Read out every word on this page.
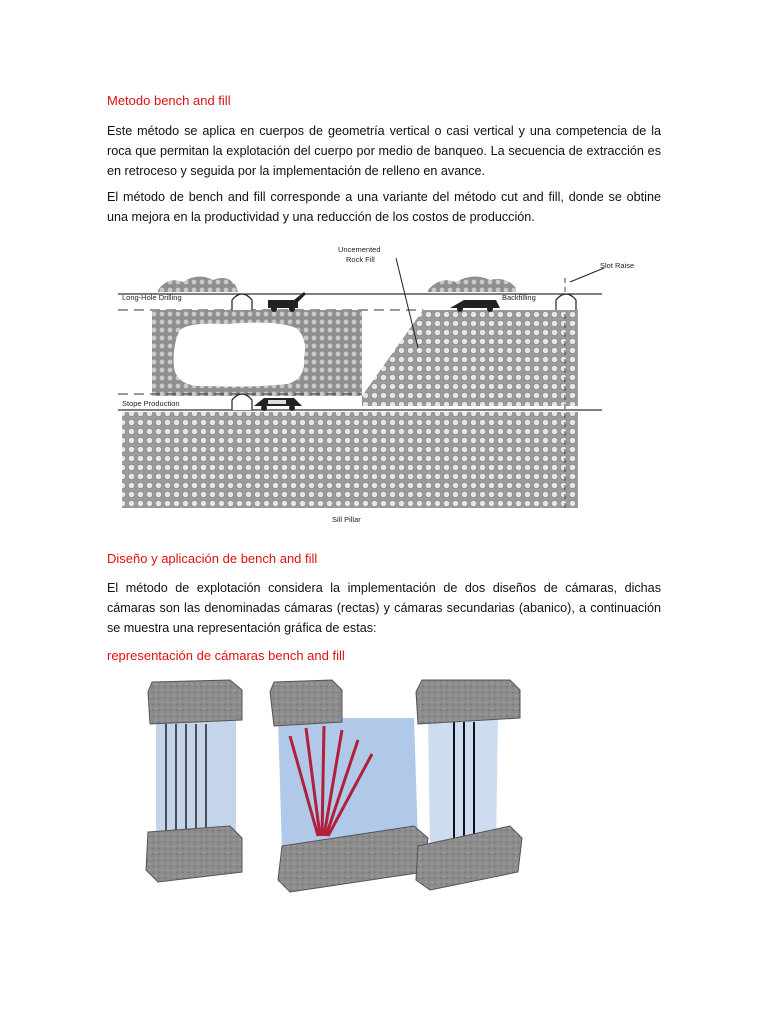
Metodo bench and fill

Este método se aplica en cuerpos de geometría vertical o casi vertical y una competencia de la roca que permitan la explotación del cuerpo por medio de banqueo. La secuencia de extracción es en retroceso y seguida por la implementación de relleno en avance.

El método de bench and fill corresponde a una variante del método cut and fill, donde se obtine una mejora en la productividad y una reducción de los costos de producción.

Uncemented
Rock Fill
Slot Raise
Long-Hole Drilling	Backfilling
Stope Production
Sill Pillar
Diseño y aplicación de bench and fill

El método de explotación considera la implementación de dos diseños de cámaras, dichas cámaras son las denominadas cámaras (rectas) y cámaras secundarias (abanico), a continuación se muestra una representación gráfica de estas:

representación de cámaras bench and fill
